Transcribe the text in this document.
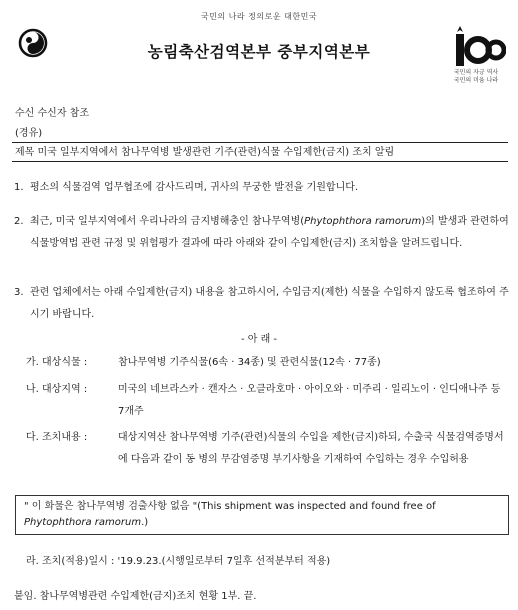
국민의 나라 정의로운 대한민국
농림축산검역본부 중부지역본부
국민의 자긍 역사
국민의 미움 나라
수신 수신자 참조
(경유)
제목 미국 일부지역에서 참나무역병 발생관련 기주(관련)식물 수입제한(금지) 조치 알림
1. 평소의 식물검역 업무협조에 감사드리며, 귀사의 무궁한 발전을 기원합니다.
2. 최근, 미국 일부지역에서 우리나라의 금지병해충인 참나무역병(Phytophthora ramorum)의 발생과 관련하여 식물방역법 관련 규정 및 위험평가 결과에 따라 아래와 같이 수입제한(금지) 조치함을 알려드립니다.
3. 관련 업체에서는 아래 수입제한(금지) 내용을 참고하시어, 수입금지(제한) 식물을 수입하지 않도록 협조하여 주시기 바랍니다.
- 아 래 -
가. 대상식물 :	참나무역병 기주식물(6속 · 34종) 및 관련식물(12속 · 77종)
나. 대상지역 :	미국의 네브라스카 · 캔자스 · 오클라호마 · 아이오와 · 미주리 · 일리노이 · 인디애나주 등 7개주
다. 조치내용 :	대상지역산 참나무역병 기주(관련)식물의 수입을 제한(금지)하되, 수출국 식물검역증명서에 다음과 같이 동 병의 무감염증명 부기사항을 기재하여 수입하는 경우 수입허용
" 이 화물은 참나무역병 검출사항 없음 "(This shipment was inspected and found free of Phytophthora ramorum.)
라. 조치(적용)일시 : '19.9.23.(시행일로부터 7일후 선적분부터 적용)
붙임. 참나무역병관련 수입제한(금지)조치 현황 1부. 끝.
